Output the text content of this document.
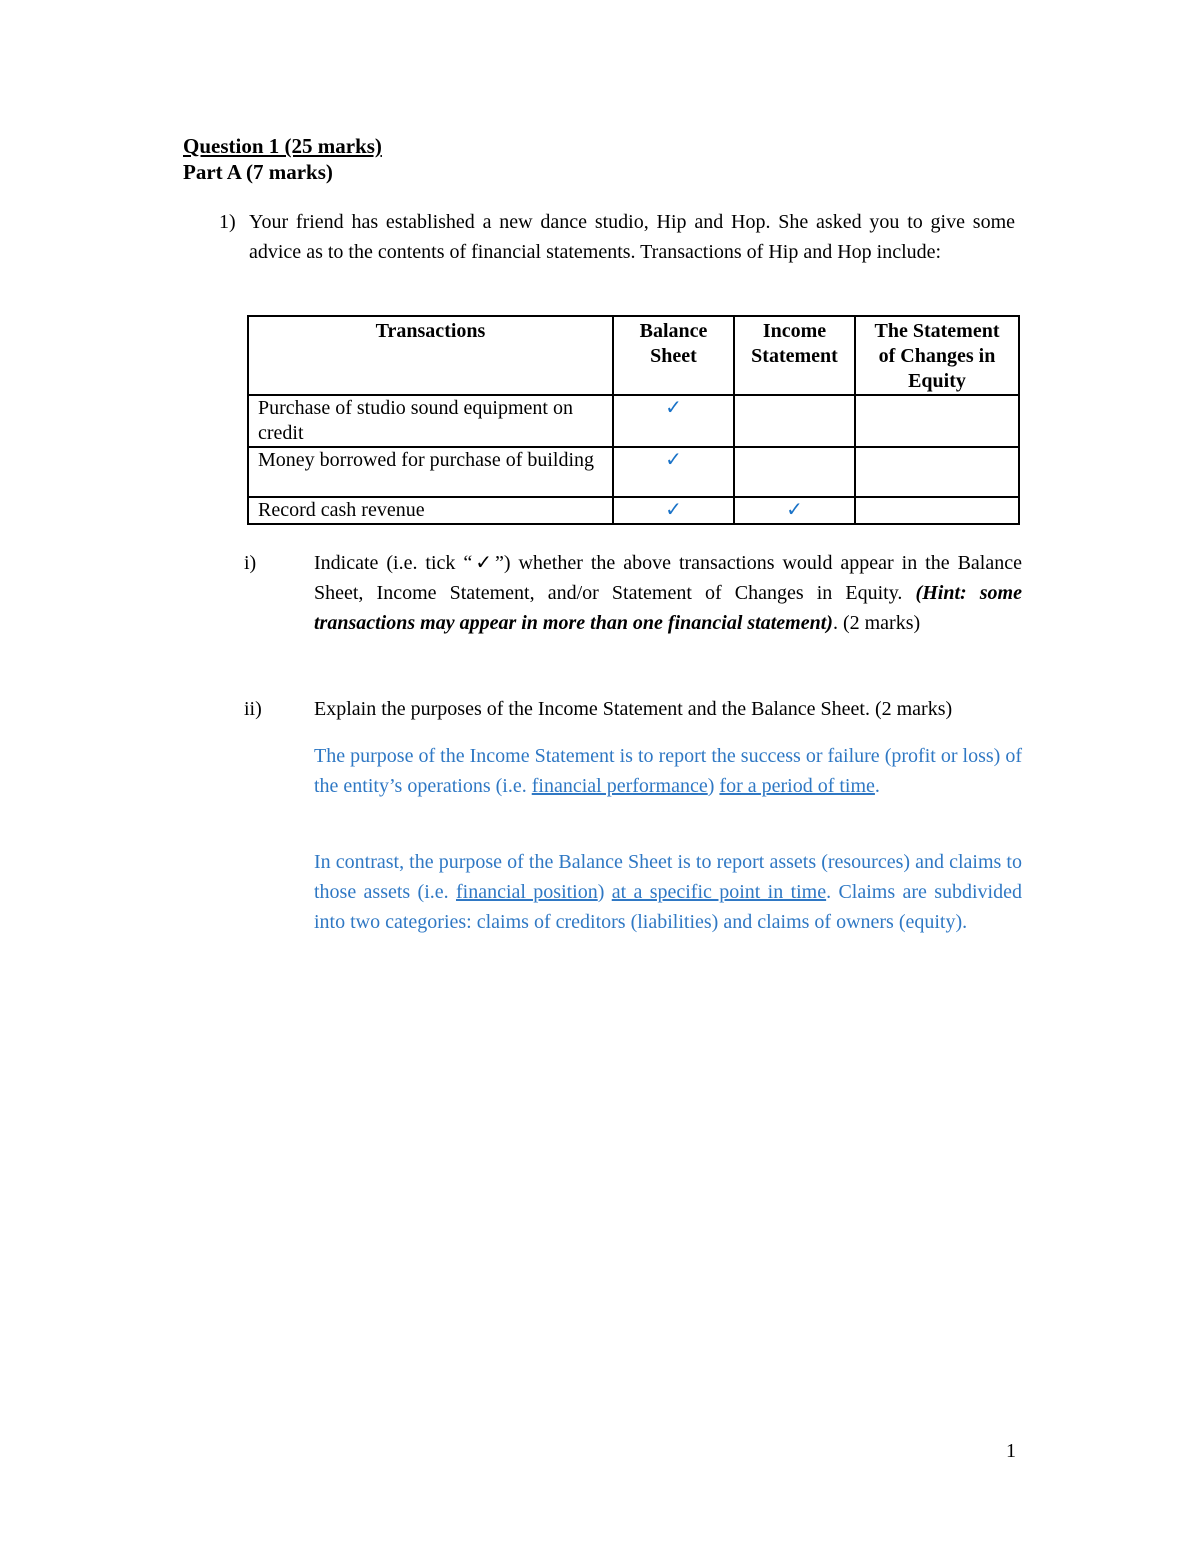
Question 1 (25 marks)
Part A (7 marks)
1) Your friend has established a new dance studio, Hip and Hop. She asked you to give some advice as to the contents of financial statements. Transactions of Hip and Hop include:
Transactions	Balance Sheet	Income Statement	The Statement of Changes in Equity
Purchase of studio sound equipment on credit	✓		
Money borrowed for purchase of building	✓		
Record cash revenue	✓	✓	
i)	Indicate (i.e. tick “✓”) whether the above transactions would appear in the Balance Sheet, Income Statement, and/or Statement of Changes in Equity. (Hint: some transactions may appear in more than one financial statement). (2 marks)
ii)	Explain the purposes of the Income Statement and the Balance Sheet. (2 marks)
The purpose of the Income Statement is to report the success or failure (profit or loss) of the entity’s operations (i.e. financial performance) for a period of time.
In contrast, the purpose of the Balance Sheet is to report assets (resources) and claims to those assets (i.e. financial position) at a specific point in time. Claims are subdivided into two categories: claims of creditors (liabilities) and claims of owners (equity).
1
